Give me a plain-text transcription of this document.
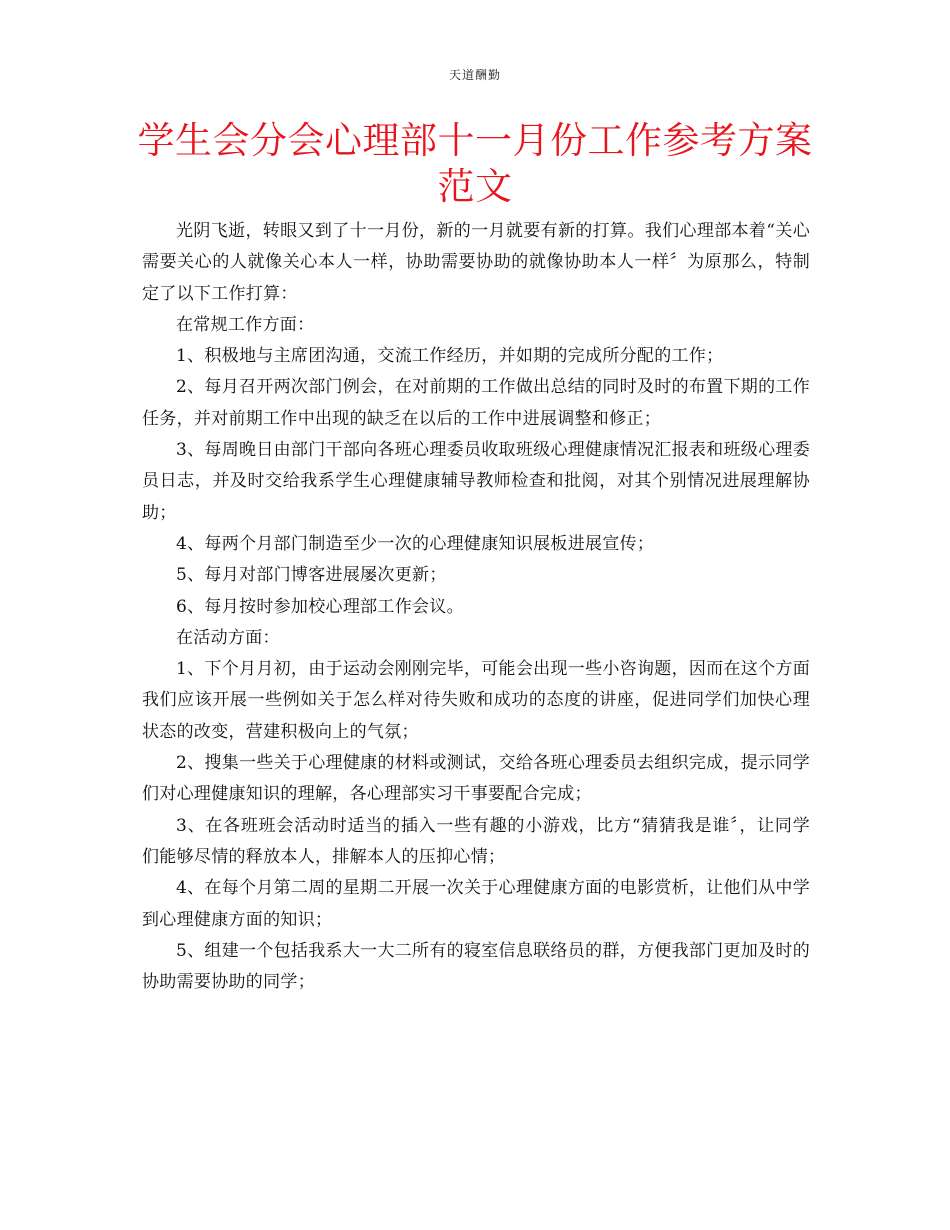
天道酬勤
学生会分会心理部十一月份工作参考方案范文

光阴飞逝，转眼又到了十一月份，新的一月就要有新的打算。我们心理部本着“关心需要关心的人就像关心本人一样，协助需要协助的就像协助本人一样〞为原那么，特制定了以下工作打算：

在常规工作方面：

1、积极地与主席团沟通，交流工作经历，并如期的完成所分配的工作；

2、每月召开两次部门例会，在对前期的工作做出总结的同时及时的布置下期的工作任务，并对前期工作中出现的缺乏在以后的工作中进展调整和修正；

3、每周晚日由部门干部向各班心理委员收取班级心理健康情况汇报表和班级心理委员日志，并及时交给我系学生心理健康辅导教师检查和批阅，对其个别情况进展理解协助；

4、每两个月部门制造至少一次的心理健康知识展板进展宣传；

5、每月对部门博客进展屡次更新；

6、每月按时参加校心理部工作会议。

在活动方面：

1、下个月月初，由于运动会刚刚完毕，可能会出现一些小咨询题，因而在这个方面我们应该开展一些例如关于怎么样对待失败和成功的态度的讲座，促进同学们加快心理状态的改变，营建积极向上的气氛；

2、搜集一些关于心理健康的材料或测试，交给各班心理委员去组织完成，提示同学们对心理健康知识的理解，各心理部实习干事要配合完成；

3、在各班班会活动时适当的插入一些有趣的小游戏，比方“猜猜我是谁〞，让同学们能够尽情的释放本人，排解本人的压抑心情；

4、在每个月第二周的星期二开展一次关于心理健康方面的电影赏析，让他们从中学到心理健康方面的知识；

5、组建一个包括我系大一大二所有的寝室信息联络员的群，方便我部门更加及时的协助需要协助的同学；
